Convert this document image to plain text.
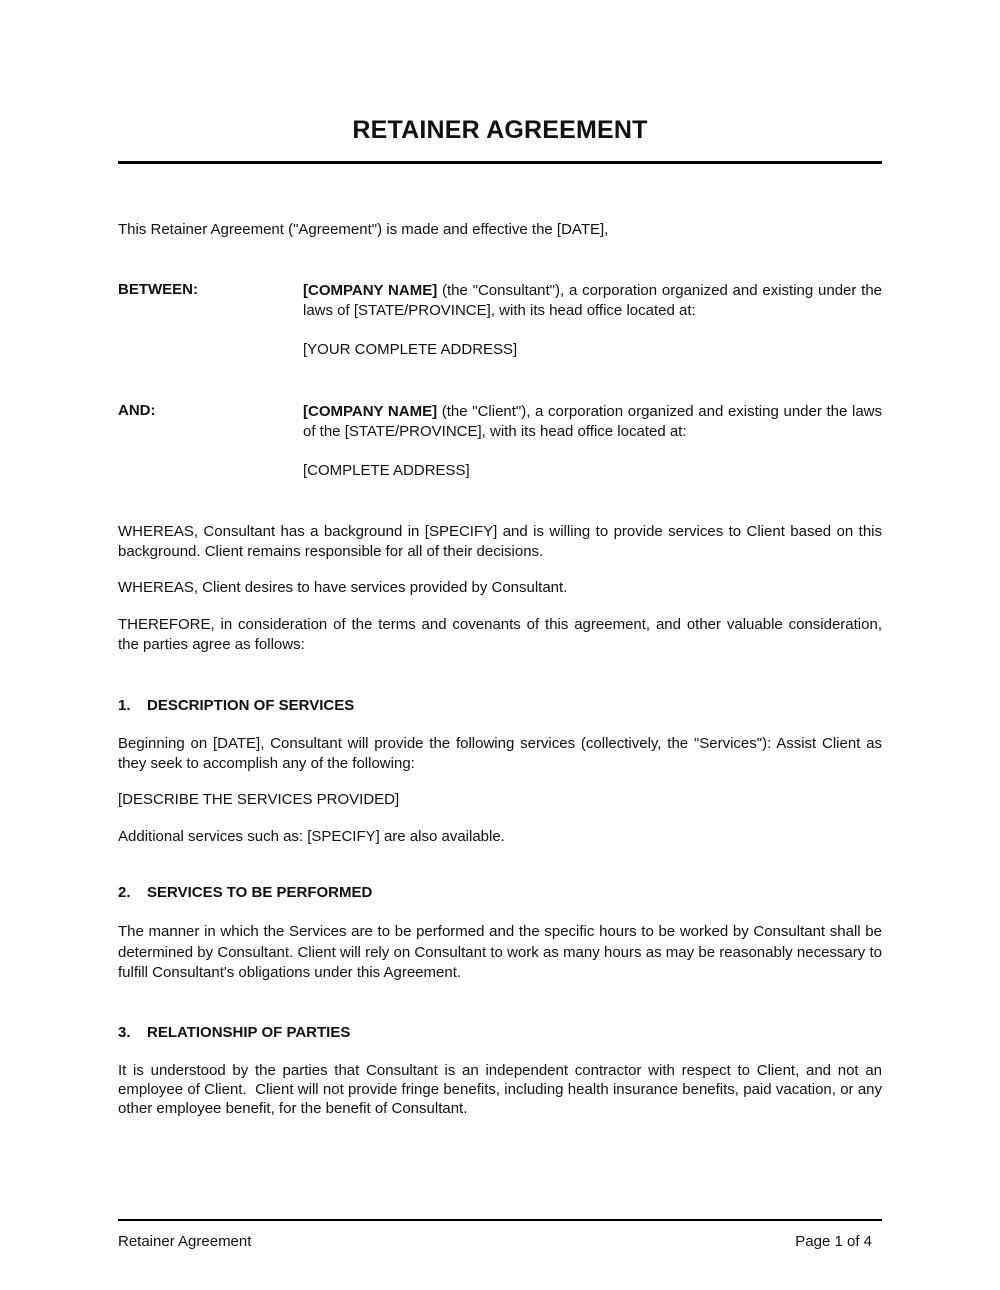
RETAINER AGREEMENT

This Retainer Agreement ("Agreement") is made and effective the [DATE],

BETWEEN:	[COMPANY NAME] (the "Consultant"), a corporation organized and existing under the laws of [STATE/PROVINCE], with its head office located at:

[YOUR COMPLETE ADDRESS]

AND:	[COMPANY NAME] (the "Client"), a corporation organized and existing under the laws of the [STATE/PROVINCE], with its head office located at:

[COMPLETE ADDRESS]

WHEREAS, Consultant has a background in [SPECIFY] and is willing to provide services to Client based on this background. Client remains responsible for all of their decisions.

WHEREAS, Client desires to have services provided by Consultant.

THEREFORE, in consideration of the terms and covenants of this agreement, and other valuable consideration, the parties agree as follows:

1. DESCRIPTION OF SERVICES

Beginning on [DATE], Consultant will provide the following services (collectively, the "Services"): Assist Client as they seek to accomplish any of the following:

[DESCRIBE THE SERVICES PROVIDED]

Additional services such as: [SPECIFY] are also available.

2. SERVICES TO BE PERFORMED

The manner in which the Services are to be performed and the specific hours to be worked by Consultant shall be determined by Consultant. Client will rely on Consultant to work as many hours as may be reasonably necessary to fulfill Consultant's obligations under this Agreement.

3. RELATIONSHIP OF PARTIES

It is understood by the parties that Consultant is an independent contractor with respect to Client, and not an employee of Client.  Client will not provide fringe benefits, including health insurance benefits, paid vacation, or any other employee benefit, for the benefit of Consultant.

Retainer Agreement	Page 1 of 4
